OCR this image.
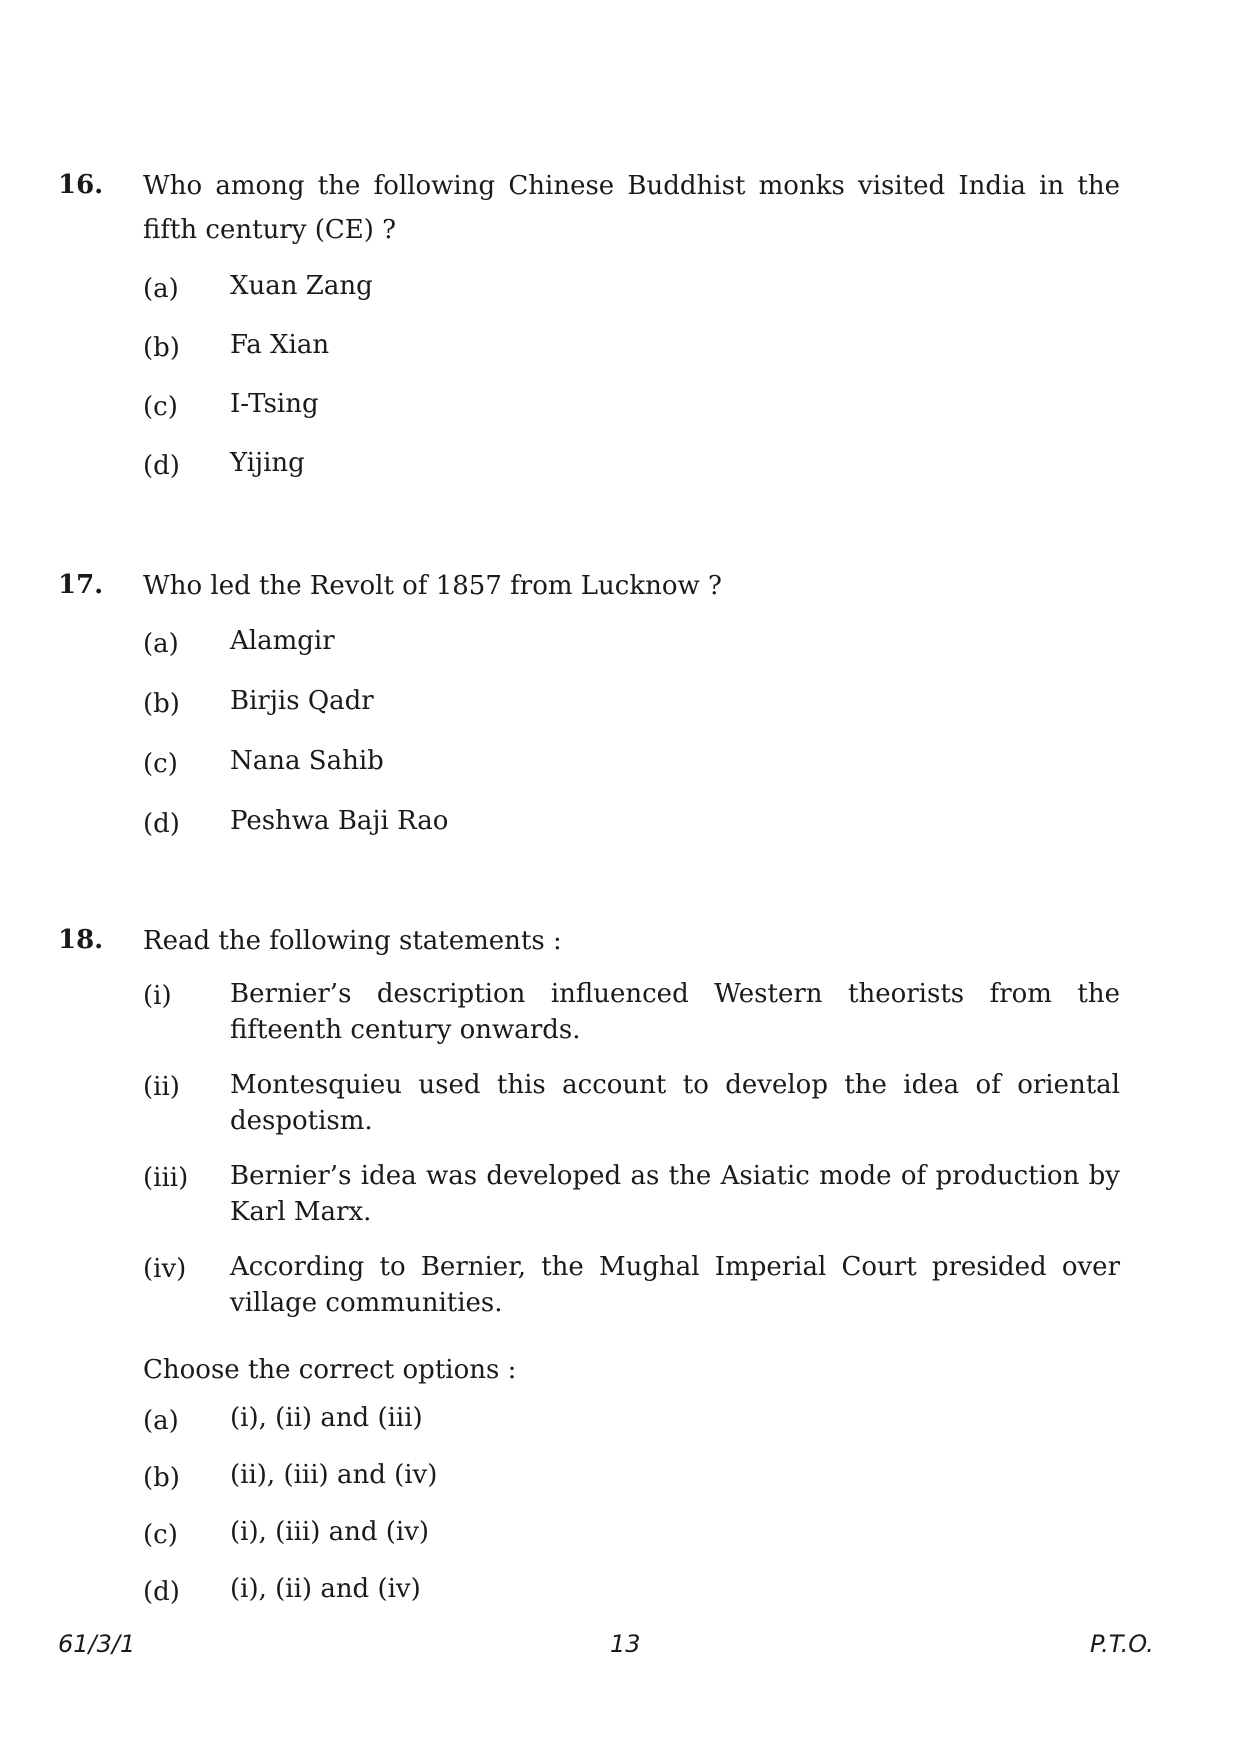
16. Who among the following Chinese Buddhist monks visited India in the fifth century (CE) ?
(a) Xuan Zang
(b) Fa Xian
(c) I-Tsing
(d) Yijing
17. Who led the Revolt of 1857 from Lucknow ?
(a) Alamgir
(b) Birjis Qadr
(c) Nana Sahib
(d) Peshwa Baji Rao
18. Read the following statements :
(i) Bernier’s description influenced Western theorists from the fifteenth century onwards.
(ii) Montesquieu used this account to develop the idea of oriental despotism.
(iii) Bernier’s idea was developed as the Asiatic mode of production by Karl Marx.
(iv) According to Bernier, the Mughal Imperial Court presided over village communities.
Choose the correct options :
(a) (i), (ii) and (iii)
(b) (ii), (iii) and (iv)
(c) (i), (iii) and (iv)
(d) (i), (ii) and (iv)
61/3/1	13	P.T.O.
